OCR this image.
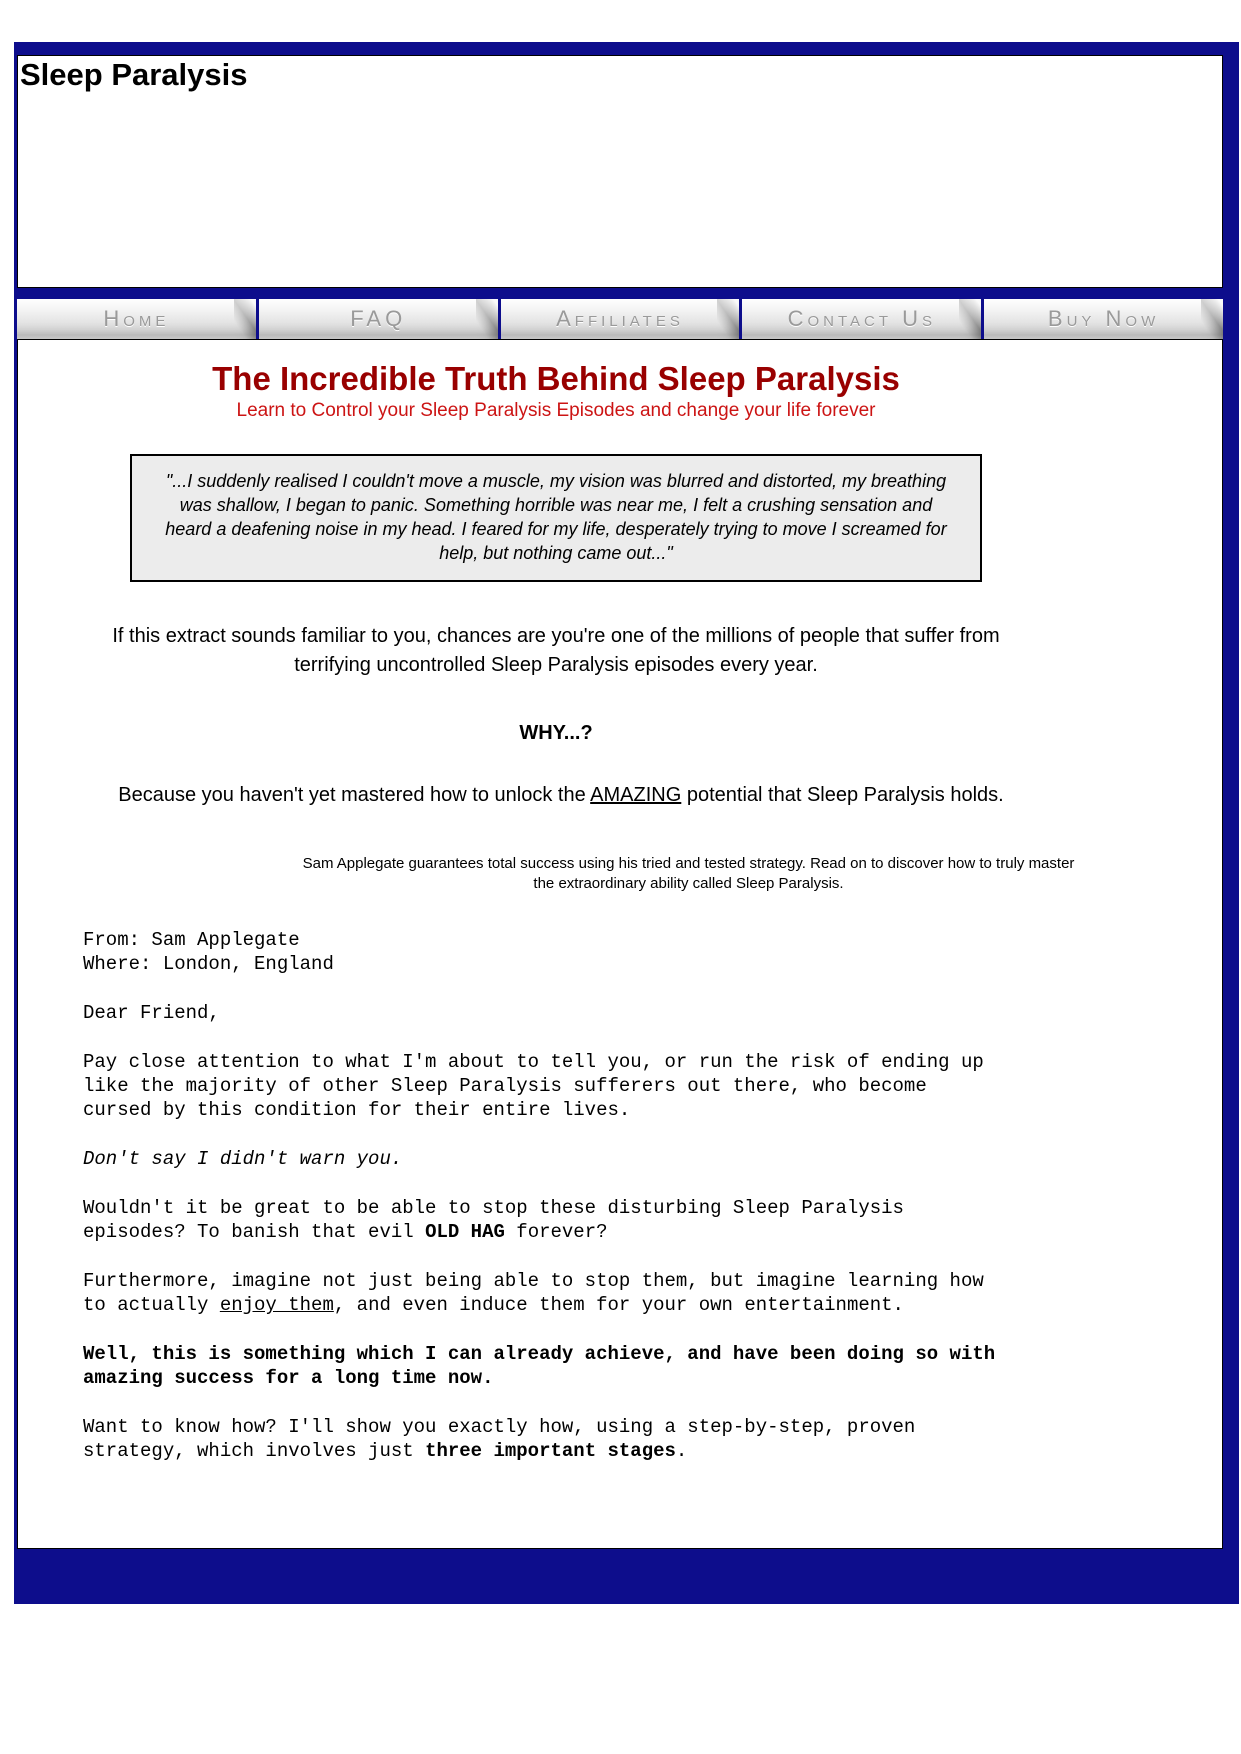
Sleep Paralysis
Home	FAQ	Affiliates	Contact Us	Buy Now
The Incredible Truth Behind Sleep Paralysis
Learn to Control your Sleep Paralysis Episodes and change your life forever
"...I suddenly realised I couldn't move a muscle, my vision was blurred and distorted, my breathing was shallow, I began to panic. Something horrible was near me, I felt a crushing sensation and heard a deafening noise in my head. I feared for my life, desperately trying to move I screamed for help, but nothing came out..."

If this extract sounds familiar to you, chances are you're one of the millions of people that suffer from terrifying uncontrolled Sleep Paralysis episodes every year.

WHY...?

Because you haven't yet mastered how to unlock the AMAZING potential that Sleep Paralysis holds.

Sam Applegate guarantees total success using his tried and tested strategy. Read on to discover how to truly master the extraordinary ability called Sleep Paralysis.

From: Sam Applegate
Where: London, England

Dear Friend,

Pay close attention to what I'm about to tell you, or run the risk of ending up like the majority of other Sleep Paralysis sufferers out there, who become cursed by this condition for their entire lives.

Don't say I didn't warn you.

Wouldn't it be great to be able to stop these disturbing Sleep Paralysis episodes? To banish that evil OLD HAG forever?

Furthermore, imagine not just being able to stop them, but imagine learning how to actually enjoy them, and even induce them for your own entertainment.

Well, this is something which I can already achieve, and have been doing so with amazing success for a long time now.

Want to know how? I'll show you exactly how, using a step-by-step, proven strategy, which involves just three important stages.
